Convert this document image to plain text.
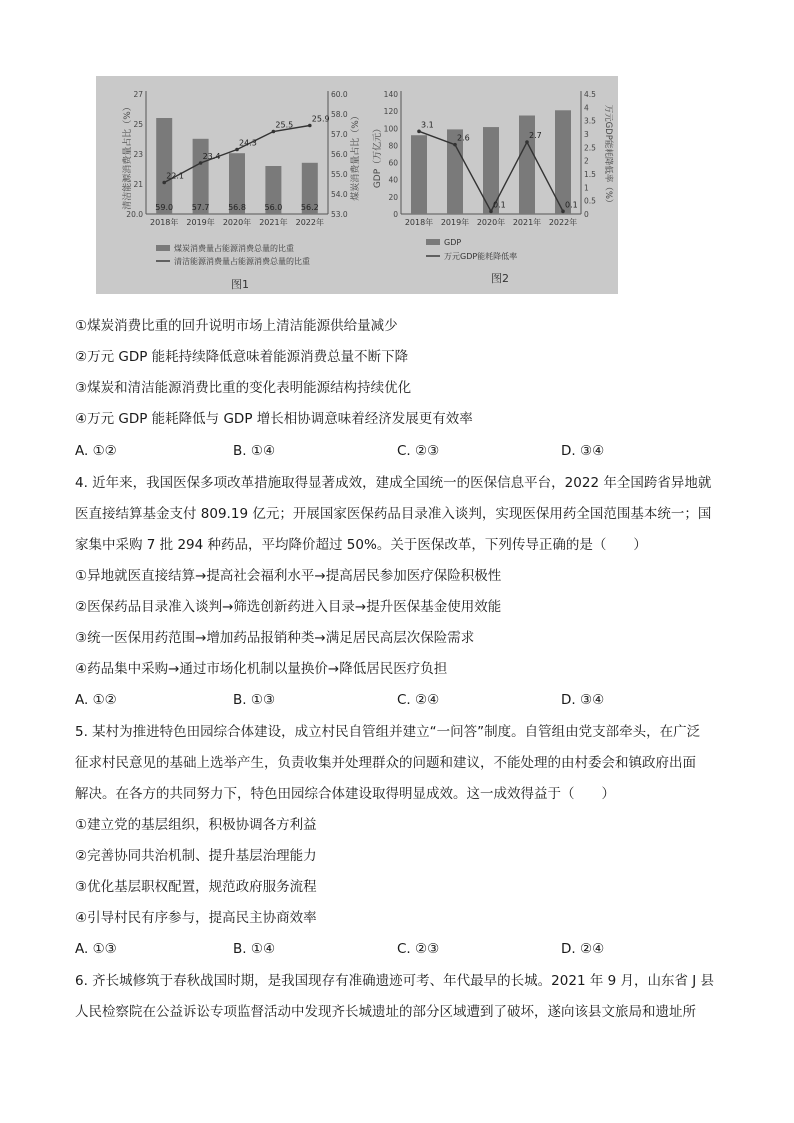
59.0 57.7 56.8 56.0 56.2
22.1
23.4
24.3
25.5
25.9
27
25
23
21
20.0
60.0
58.0
57.0
56.0
55.0
54.0
53.0
2018年 2019年 2020年 2021年 2022年
清洁能源消费量占比（%）	煤炭消费量占比（%）
煤炭消费量占能源消费总量的比重
清洁能源消费量占能源消费总量的比重
图1
3.1
2.6
0.1
2.7
0.1
140
120
100
80
60
40
20
0
4.5
4
3.5
3
2.5
2
1.5
1
0.5
0
2018年 2019年 2020年 2021年 2022年
GDP（万亿元）	万元GDP能耗降低率（%）
GDP
万元GDP能耗降低率
图2
①煤炭消费比重的回升说明市场上清洁能源供给量减少
②万元 GDP 能耗持续降低意味着能源消费总量不断下降
③煤炭和清洁能源消费比重的变化表明能源结构持续优化
④万元 GDP 能耗降低与 GDP 增长相协调意味着经济发展更有效率
A. ①②	B. ①④	C. ②③	D. ③④
4. 近年来，我国医保多项改革措施取得显著成效，建成全国统一的医保信息平台，2022 年全国跨省异地就
医直接结算基金支付 809.19 亿元；开展国家医保药品目录准入谈判，实现医保用药全国范围基本统一；国
家集中采购 7 批 294 种药品，平均降价超过 50%。关于医保改革，下列传导正确的是（　　）
①异地就医直接结算→提高社会福利水平→提高居民参加医疗保险积极性
②医保药品目录准入谈判→筛选创新药进入目录→提升医保基金使用效能
③统一医保用药范围→增加药品报销种类→满足居民高层次保险需求
④药品集中采购→通过市场化机制以量换价→降低居民医疗负担
A. ①②	B. ①③	C. ②④	D. ③④
5. 某村为推进特色田园综合体建设，成立村民自管组并建立“一问答”制度。自管组由党支部牵头，在广泛
征求村民意见的基础上选举产生，负责收集并处理群众的问题和建议，不能处理的由村委会和镇政府出面
解决。在各方的共同努力下，特色田园综合体建设取得明显成效。这一成效得益于（　　）
①建立党的基层组织，积极协调各方利益
②完善协同共治机制、提升基层治理能力
③优化基层职权配置，规范政府服务流程
④引导村民有序参与，提高民主协商效率
A. ①③	B. ①④	C. ②③	D. ②④
6. 齐长城修筑于春秋战国时期，是我国现存有准确遗迹可考、年代最早的长城。2021 年 9 月，山东省 J 县
人民检察院在公益诉讼专项监督活动中发现齐长城遗址的部分区域遭到了破坏，遂向该县文旅局和遗址所
